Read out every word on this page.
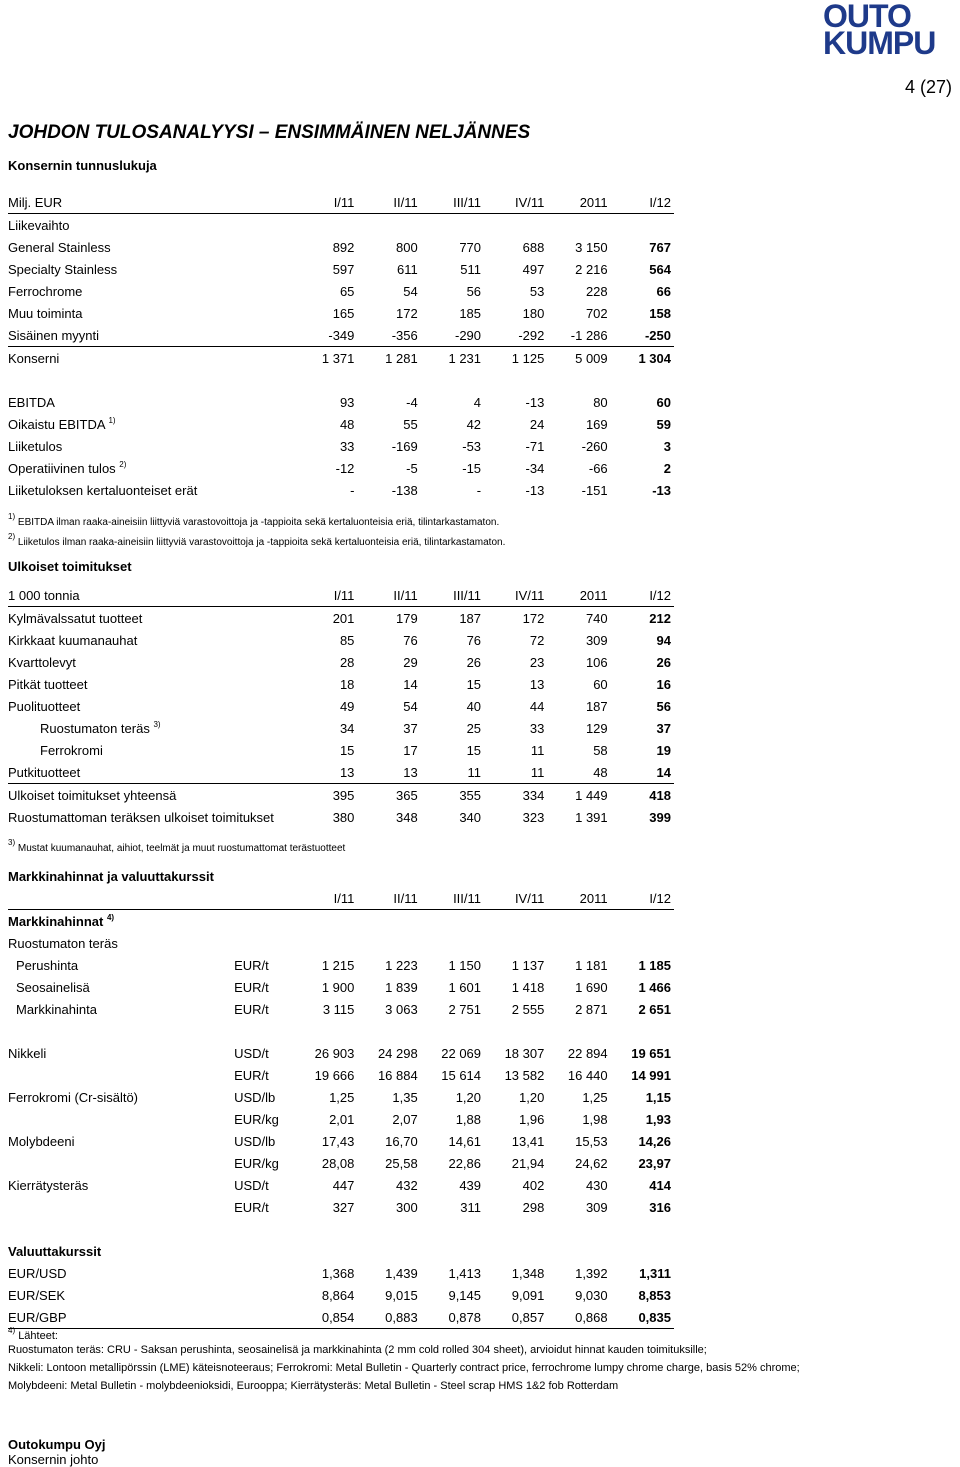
OUTO
KUMPU
4 (27)
JOHDON TULOSANALYYSI – ENSIMMÄINEN NELJÄNNES
Konsernin tunnuslukuja
Milj. EUR	I/11	II/11	III/11	IV/11	2011	I/12
Liikevaihto						
General Stainless	892	800	770	688	3 150	767
Specialty Stainless	597	611	511	497	2 216	564
Ferrochrome	65	54	56	53	228	66
Muu toiminta	165	172	185	180	702	158
Sisäinen myynti	-349	-356	-290	-292	-1 286	-250
Konserni	1 371	1 281	1 231	1 125	5 009	1 304

EBITDA	93	-4	4	-13	80	60
Oikaistu EBITDA $^{1)}$	48	55	42	24	169	59
Liiketulos	33	-169	-53	-71	-260	3
Operatiivinen tulos $^{2)}$	-12	-5	-15	-34	-66	2
Liiketuloksen kertaluonteiset erät	-	-138	-	-13	-151	-13
$^{1)}$ EBITDA ilman raaka-aineisiin liittyviä varastovoittoja ja -tappioita sekä kertaluonteisia eriä, tilintarkastamaton.
$^{2)}$ Liiketulos ilman raaka-aineisiin liittyviä varastovoittoja ja -tappioita sekä kertaluonteisia eriä, tilintarkastamaton.
Ulkoiset toimitukset
1 000 tonnia	I/11	II/11	III/11	IV/11	2011	I/12
Kylmävalssatut tuotteet	201	179	187	172	740	212
Kirkkaat kuumanauhat	85	76	76	72	309	94
Kvarttolevyt	28	29	26	23	106	26
Pitkät tuotteet	18	14	15	13	60	16
Puolituotteet	49	54	40	44	187	56
Ruostumaton teräs $^{3)}$	34	37	25	33	129	37
Ferrokromi	15	17	15	11	58	19
Putkituotteet	13	13	11	11	48	14
Ulkoiset toimitukset yhteensä	395	365	355	334	1 449	418
Ruostumattoman teräksen ulkoiset toimitukset	380	348	340	323	1 391	399
$^{3)}$ Mustat kuumanauhat, aihiot, teelmät ja muut ruostumattomat terästuotteet
Markkinahinnat ja valuuttakurssit
		I/11	II/11	III/11	IV/11	2011	I/12
Markkinahinnat $^{4)}$							
Ruostumaton teräs							
Perushinta	EUR/t	1 215	1 223	1 150	1 137	1 181	1 185
Seosainelisä	EUR/t	1 900	1 839	1 601	1 418	1 690	1 466
Markkinahinta	EUR/t	3 115	3 063	2 751	2 555	2 871	2 651

Nikkeli	USD/t	26 903	24 298	22 069	18 307	22 894	19 651
	EUR/t	19 666	16 884	15 614	13 582	16 440	14 991
Ferrokromi (Cr-sisältö)	USD/lb	1,25	1,35	1,20	1,20	1,25	1,15
	EUR/kg	2,01	2,07	1,88	1,96	1,98	1,93
Molybdeeni	USD/lb	17,43	16,70	14,61	13,41	15,53	14,26
	EUR/kg	28,08	25,58	22,86	21,94	24,62	23,97
Kierrätysteräs	USD/t	447	432	439	402	430	414
	EUR/t	327	300	311	298	309	316

Valuuttakurssit							
EUR/USD		1,368	1,439	1,413	1,348	1,392	1,311
EUR/SEK		8,864	9,015	9,145	9,091	9,030	8,853
EUR/GBP		0,854	0,883	0,878	0,857	0,868	0,835
$^{4)}$ Lähteet:
Ruostumaton teräs: CRU - Saksan perushinta, seosainelisä ja markkinahinta (2 mm cold rolled 304 sheet), arvioidut hinnat kauden toimituksille;
Nikkeli: Lontoon metallipörssin (LME) käteisnoteeraus; Ferrokromi: Metal Bulletin - Quarterly contract price, ferrochrome lumpy chrome charge, basis 52% chrome;
Molybdeeni: Metal Bulletin - molybdeenioksidi, Eurooppa; Kierrätysteräs: Metal Bulletin - Steel scrap HMS 1&2 fob Rotterdam
Outokumpu Oyj
Konsernin johto
